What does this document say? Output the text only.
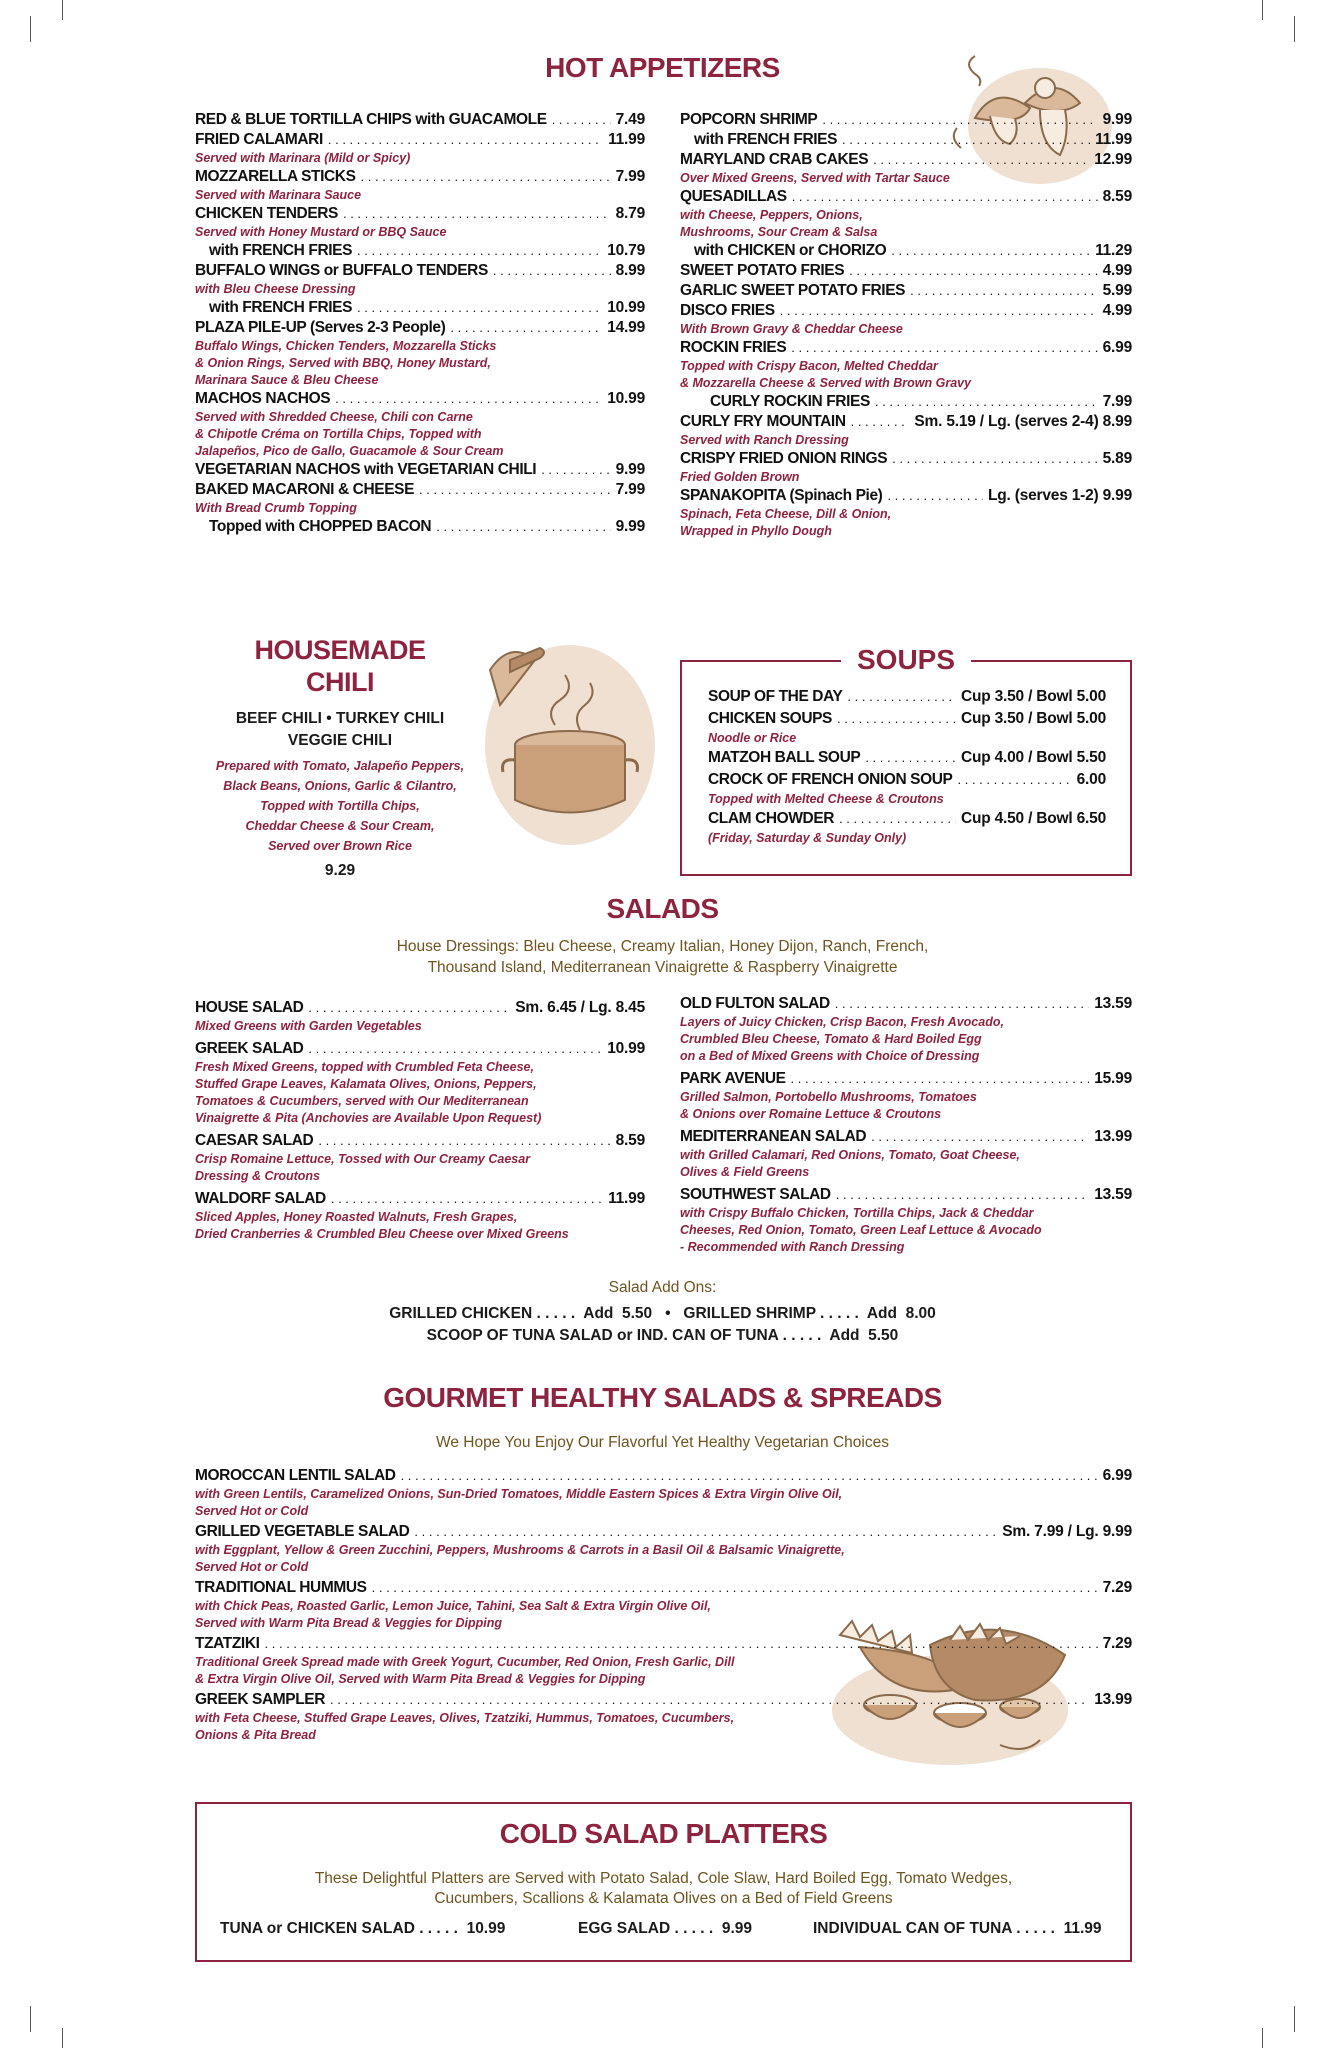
HOT APPETIZERS
RED & BLUE TORTILLA CHIPS with GUACAMOLE . . .	7.49
FRIED CALAMARI . . .	11.99
Served with Marinara (Mild or Spicy)
MOZZARELLA STICKS . . .	7.99
Served with Marinara Sauce
CHICKEN TENDERS . . .	8.79
Served with Honey Mustard or BBQ Sauce
with FRENCH FRIES . . .	10.79
BUFFALO WINGS or BUFFALO TENDERS . . .	8.99
with Bleu Cheese Dressing
with FRENCH FRIES . . .	10.99
PLAZA PILE-UP (Serves 2-3 People) . . .	14.99
Buffalo Wings, Chicken Tenders, Mozzarella Sticks
& Onion Rings, Served with BBQ, Honey Mustard,
Marinara Sauce & Bleu Cheese
MACHOS NACHOS . . .	10.99
Served with Shredded Cheese, Chili con Carne
& Chipotle Créma on Tortilla Chips, Topped with
Jalapeños, Pico de Gallo, Guacamole & Sour Cream
VEGETARIAN NACHOS with VEGETARIAN CHILI . . .	9.99
BAKED MACARONI & CHEESE . . .	7.99
With Bread Crumb Topping
Topped with CHOPPED BACON . . .	9.99
POPCORN SHRIMP . . .	9.99
with FRENCH FRIES . . .	11.99
MARYLAND CRAB CAKES . . .	12.99
Over Mixed Greens, Served with Tartar Sauce
QUESADILLAS . . .	8.59
with Cheese, Peppers, Onions,
Mushrooms, Sour Cream & Salsa
with CHICKEN or CHORIZO . . .	11.29
SWEET POTATO FRIES . . .	4.99
GARLIC SWEET POTATO FRIES . . .	5.99
DISCO FRIES . . .	4.99
With Brown Gravy & Cheddar Cheese
ROCKIN FRIES . . .	6.99
Topped with Crispy Bacon, Melted Cheddar
& Mozzarella Cheese & Served with Brown Gravy
CURLY ROCKIN FRIES . . .	7.99
CURLY FRY MOUNTAIN . . .	Sm. 5.19 / Lg. (serves 2-4) 8.99
Served with Ranch Dressing
CRISPY FRIED ONION RINGS . . .	5.89
Fried Golden Brown
SPANAKOPITA (Spinach Pie) . . .	Lg. (serves 1-2) 9.99
Spinach, Feta Cheese, Dill & Onion,
Wrapped in Phyllo Dough
HOUSEMADE
CHILI
BEEF CHILI • TURKEY CHILI
VEGGIE CHILI
Prepared with Tomato, Jalapeño Peppers,
Black Beans, Onions, Garlic & Cilantro,
Topped with Tortilla Chips,
Cheddar Cheese & Sour Cream,
Served over Brown Rice
9.29
SOUPS
SOUP OF THE DAY . . .	Cup 3.50 / Bowl 5.00
CHICKEN SOUPS . . .	Cup 3.50 / Bowl 5.00
Noodle or Rice
MATZOH BALL SOUP . . .	Cup 4.00 / Bowl 5.50
CROCK OF FRENCH ONION SOUP . . .	6.00
Topped with Melted Cheese & Croutons
CLAM CHOWDER . . .	Cup 4.50 / Bowl 6.50
(Friday, Saturday & Sunday Only)
SALADS
House Dressings: Bleu Cheese, Creamy Italian, Honey Dijon, Ranch, French,
Thousand Island, Mediterranean Vinaigrette & Raspberry Vinaigrette
HOUSE SALAD . . .	Sm. 6.45 / Lg. 8.45
Mixed Greens with Garden Vegetables
GREEK SALAD . . .	10.99
Fresh Mixed Greens, topped with Crumbled Feta Cheese,
Stuffed Grape Leaves, Kalamata Olives, Onions, Peppers,
Tomatoes & Cucumbers, served with Our Mediterranean
Vinaigrette & Pita (Anchovies are Available Upon Request)
CAESAR SALAD . . .	8.59
Crisp Romaine Lettuce, Tossed with Our Creamy Caesar
Dressing & Croutons
WALDORF SALAD . . .	11.99
Sliced Apples, Honey Roasted Walnuts, Fresh Grapes,
Dried Cranberries & Crumbled Bleu Cheese over Mixed Greens
OLD FULTON SALAD . . .	13.59
Layers of Juicy Chicken, Crisp Bacon, Fresh Avocado,
Crumbled Bleu Cheese, Tomato & Hard Boiled Egg
on a Bed of Mixed Greens with Choice of Dressing
PARK AVENUE . . .	15.99
Grilled Salmon, Portobello Mushrooms, Tomatoes
& Onions over Romaine Lettuce & Croutons
MEDITERRANEAN SALAD . . .	13.99
with Grilled Calamari, Red Onions, Tomato, Goat Cheese,
Olives & Field Greens
SOUTHWEST SALAD . . .	13.59
with Crispy Buffalo Chicken, Tortilla Chips, Jack & Cheddar
Cheeses, Red Onion, Tomato, Green Leaf Lettuce & Avocado
- Recommended with Ranch Dressing
Salad Add Ons:
GRILLED CHICKEN . . . . .  Add  5.50   •   GRILLED SHRIMP . . . . .  Add  8.00
SCOOP OF TUNA SALAD or IND. CAN OF TUNA . . . . .  Add  5.50
GOURMET HEALTHY SALADS & SPREADS
We Hope You Enjoy Our Flavorful Yet Healthy Vegetarian Choices
MOROCCAN LENTIL SALAD . . .	6.99
with Green Lentils, Caramelized Onions, Sun-Dried Tomatoes, Middle Eastern Spices & Extra Virgin Olive Oil,
Served Hot or Cold
GRILLED VEGETABLE SALAD . . .	Sm. 7.99 / Lg. 9.99
with Eggplant, Yellow & Green Zucchini, Peppers, Mushrooms & Carrots in a Basil Oil & Balsamic Vinaigrette,
Served Hot or Cold
TRADITIONAL HUMMUS . . .	7.29
with Chick Peas, Roasted Garlic, Lemon Juice, Tahini, Sea Salt & Extra Virgin Olive Oil,
Served with Warm Pita Bread & Veggies for Dipping
TZATZIKI . . .	7.29
Traditional Greek Spread made with Greek Yogurt, Cucumber, Red Onion, Fresh Garlic, Dill
& Extra Virgin Olive Oil, Served with Warm Pita Bread & Veggies for Dipping
GREEK SAMPLER . . .	13.99
with Feta Cheese, Stuffed Grape Leaves, Olives, Tzatziki, Hummus, Tomatoes, Cucumbers,
Onions & Pita Bread
COLD SALAD PLATTERS
These Delightful Platters are Served with Potato Salad, Cole Slaw, Hard Boiled Egg, Tomato Wedges,
Cucumbers, Scallions & Kalamata Olives on a Bed of Field Greens
TUNA or CHICKEN SALAD . . . . .  10.99	EGG SALAD . . . . .  9.99	INDIVIDUAL CAN OF TUNA . . . . .  11.99
